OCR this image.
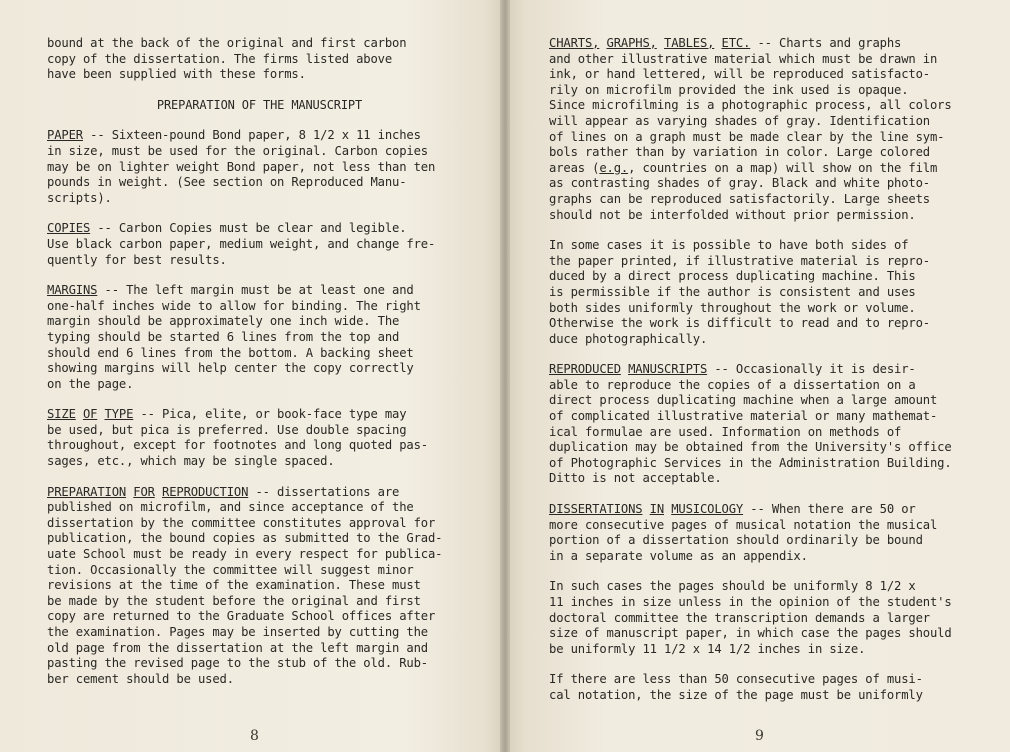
bound at the back of the original and first carbon
copy of the dissertation. The firms listed above
have been supplied with these forms.

PREPARATION OF THE MANUSCRIPT

PAPER -- Sixteen-pound Bond paper, 8 1/2 x 11 inches
in size, must be used for the original. Carbon copies
may be on lighter weight Bond paper, not less than ten
pounds in weight. (See section on Reproduced Manu-
scripts).

COPIES -- Carbon Copies must be clear and legible.
Use black carbon paper, medium weight, and change fre-
quently for best results.

MARGINS -- The left margin must be at least one and
one-half inches wide to allow for binding. The right
margin should be approximately one inch wide. The
typing should be started 6 lines from the top and
should end 6 lines from the bottom. A backing sheet
showing margins will help center the copy correctly
on the page.

SIZE OF TYPE -- Pica, elite, or book-face type may
be used, but pica is preferred. Use double spacing
throughout, except for footnotes and long quoted pas-
sages, etc., which may be single spaced.

PREPARATION FOR REPRODUCTION -- dissertations are
published on microfilm, and since acceptance of the
dissertation by the committee constitutes approval for
publication, the bound copies as submitted to the Grad-
uate School must be ready in every respect for publica-
tion. Occasionally the committee will suggest minor
revisions at the time of the examination. These must
be made by the student before the original and first
copy are returned to the Graduate School offices after
the examination. Pages may be inserted by cutting the
old page from the dissertation at the left margin and
pasting the revised page to the stub of the old. Rub-
ber cement should be used.

8

CHARTS, GRAPHS, TABLES, ETC. -- Charts and graphs
and other illustrative material which must be drawn in
ink, or hand lettered, will be reproduced satisfacto-
rily on microfilm provided the ink used is opaque.
Since microfilming is a photographic process, all colors
will appear as varying shades of gray. Identification
of lines on a graph must be made clear by the line sym-
bols rather than by variation in color. Large colored
areas (e.g., countries on a map) will show on the film
as contrasting shades of gray. Black and white photo-
graphs can be reproduced satisfactorily. Large sheets
should not be interfolded without prior permission.

In some cases it is possible to have both sides of
the paper printed, if illustrative material is repro-
duced by a direct process duplicating machine. This
is permissible if the author is consistent and uses
both sides uniformly throughout the work or volume.
Otherwise the work is difficult to read and to repro-
duce photographically.

REPRODUCED MANUSCRIPTS -- Occasionally it is desir-
able to reproduce the copies of a dissertation on a
direct process duplicating machine when a large amount
of complicated illustrative material or many mathemat-
ical formulae are used. Information on methods of
duplication may be obtained from the University's office
of Photographic Services in the Administration Building.
Ditto is not acceptable.

DISSERTATIONS IN MUSICOLOGY -- When there are 50 or
more consecutive pages of musical notation the musical
portion of a dissertation should ordinarily be bound
in a separate volume as an appendix.

In such cases the pages should be uniformly 8 1/2 x
11 inches in size unless in the opinion of the student's
doctoral committee the transcription demands a larger
size of manuscript paper, in which case the pages should
be uniformly 11 1/2 x 14 1/2 inches in size.

If there are less than 50 consecutive pages of musi-
cal notation, the size of the page must be uniformly

9
